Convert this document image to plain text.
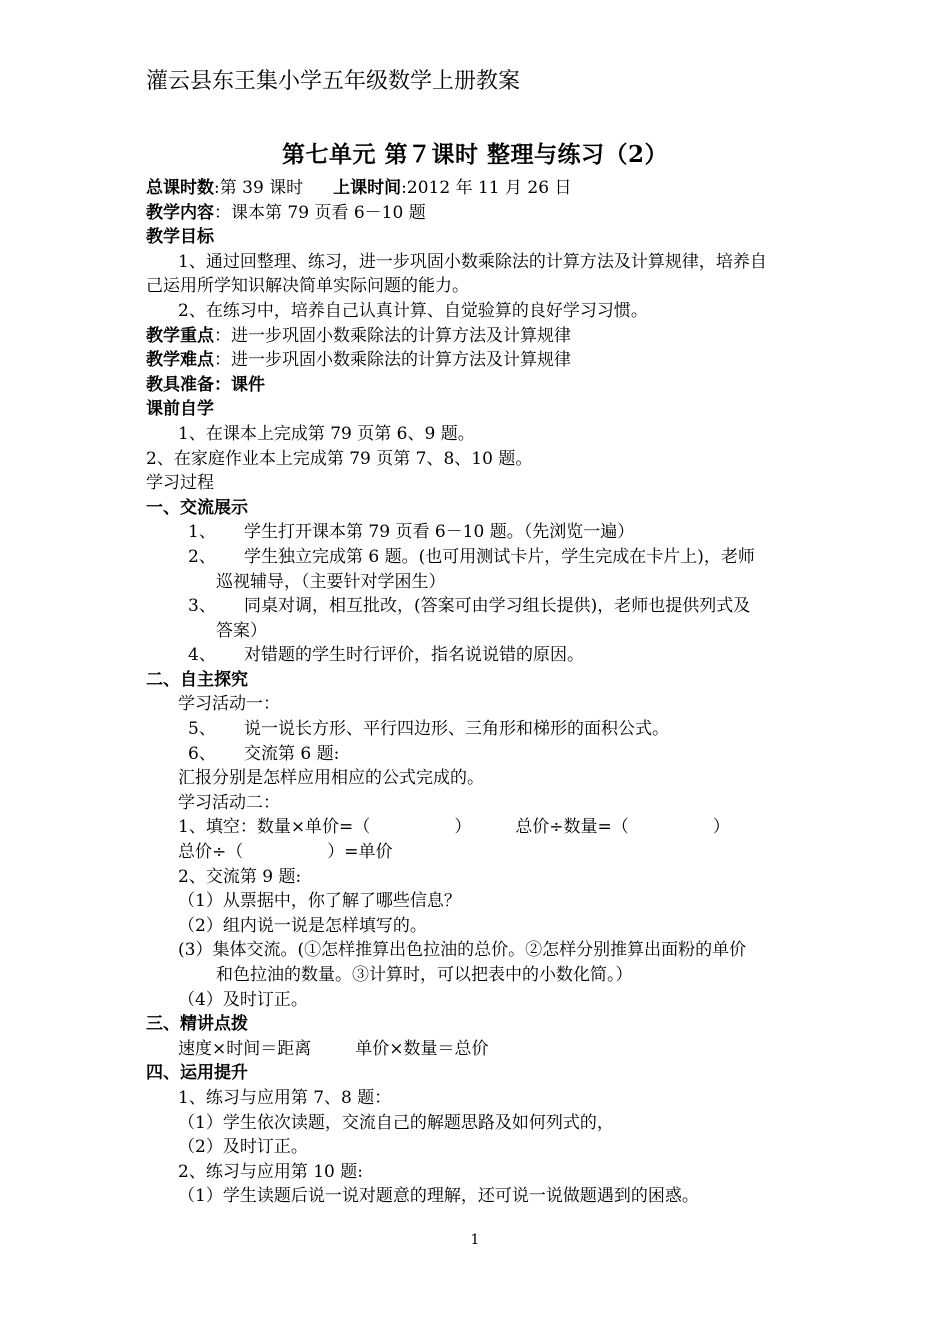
灌云县东王集小学五年级数学上册教案
第七单元 第７课时 整理与练习（2）
总课时数:第 39 课时 上课时间:2012 年 11 月 26 日
教学内容：课本第 79 页看 6－10 题
教学目标
1、通过回整理、练习，进一步巩固小数乘除法的计算方法及计算规律，培养自
己运用所学知识解决简单实际问题的能力。
2、在练习中，培养自己认真计算、自觉验算的良好学习习惯。
教学重点：进一步巩固小数乘除法的计算方法及计算规律
教学难点：进一步巩固小数乘除法的计算方法及计算规律
教具准备：课件
课前自学
1、在课本上完成第 79 页第 6、9 题。
2、在家庭作业本上完成第 79 页第 7、8、10 题。
学习过程
一、交流展示
1、 学生打开课本第 79 页看 6－10 题。（先浏览一遍）
2、 学生独立完成第 6 题。(也可用测试卡片，学生完成在卡片上)，老师
巡视辅导，（主要针对学困生）
3、 同桌对调，相互批改，(答案可由学习组长提供)，老师也提供列式及
答案）
4、 对错题的学生时行评价，指名说说错的原因。
二、自主探究
学习活动一：
5、 说一说长方形、平行四边形、三角形和梯形的面积公式。
6、 交流第 6 题:
汇报分别是怎样应用相应的公式完成的。
学习活动二：
1、填空：数量×单价=（	）	总价÷数量=（	）
总价÷（	）=单价
2、交流第 9 题:
（1）从票据中，你了解了哪些信息？
（2）组内说一说是怎样填写的。
(3）集体交流。(①怎样推算出色拉油的总价。②怎样分别推算出面粉的单价
和色拉油的数量。③计算时，可以把表中的小数化简。）
（4）及时订正。
三、精讲点拨
速度×时间＝距离	单价×数量＝总价
四、运用提升
1、练习与应用第 7、8 题：
（1）学生依次读题，交流自己的解题思路及如何列式的，
（2）及时订正。
2、练习与应用第 10 题:
（1）学生读题后说一说对题意的理解，还可说一说做题遇到的困惑。
1
